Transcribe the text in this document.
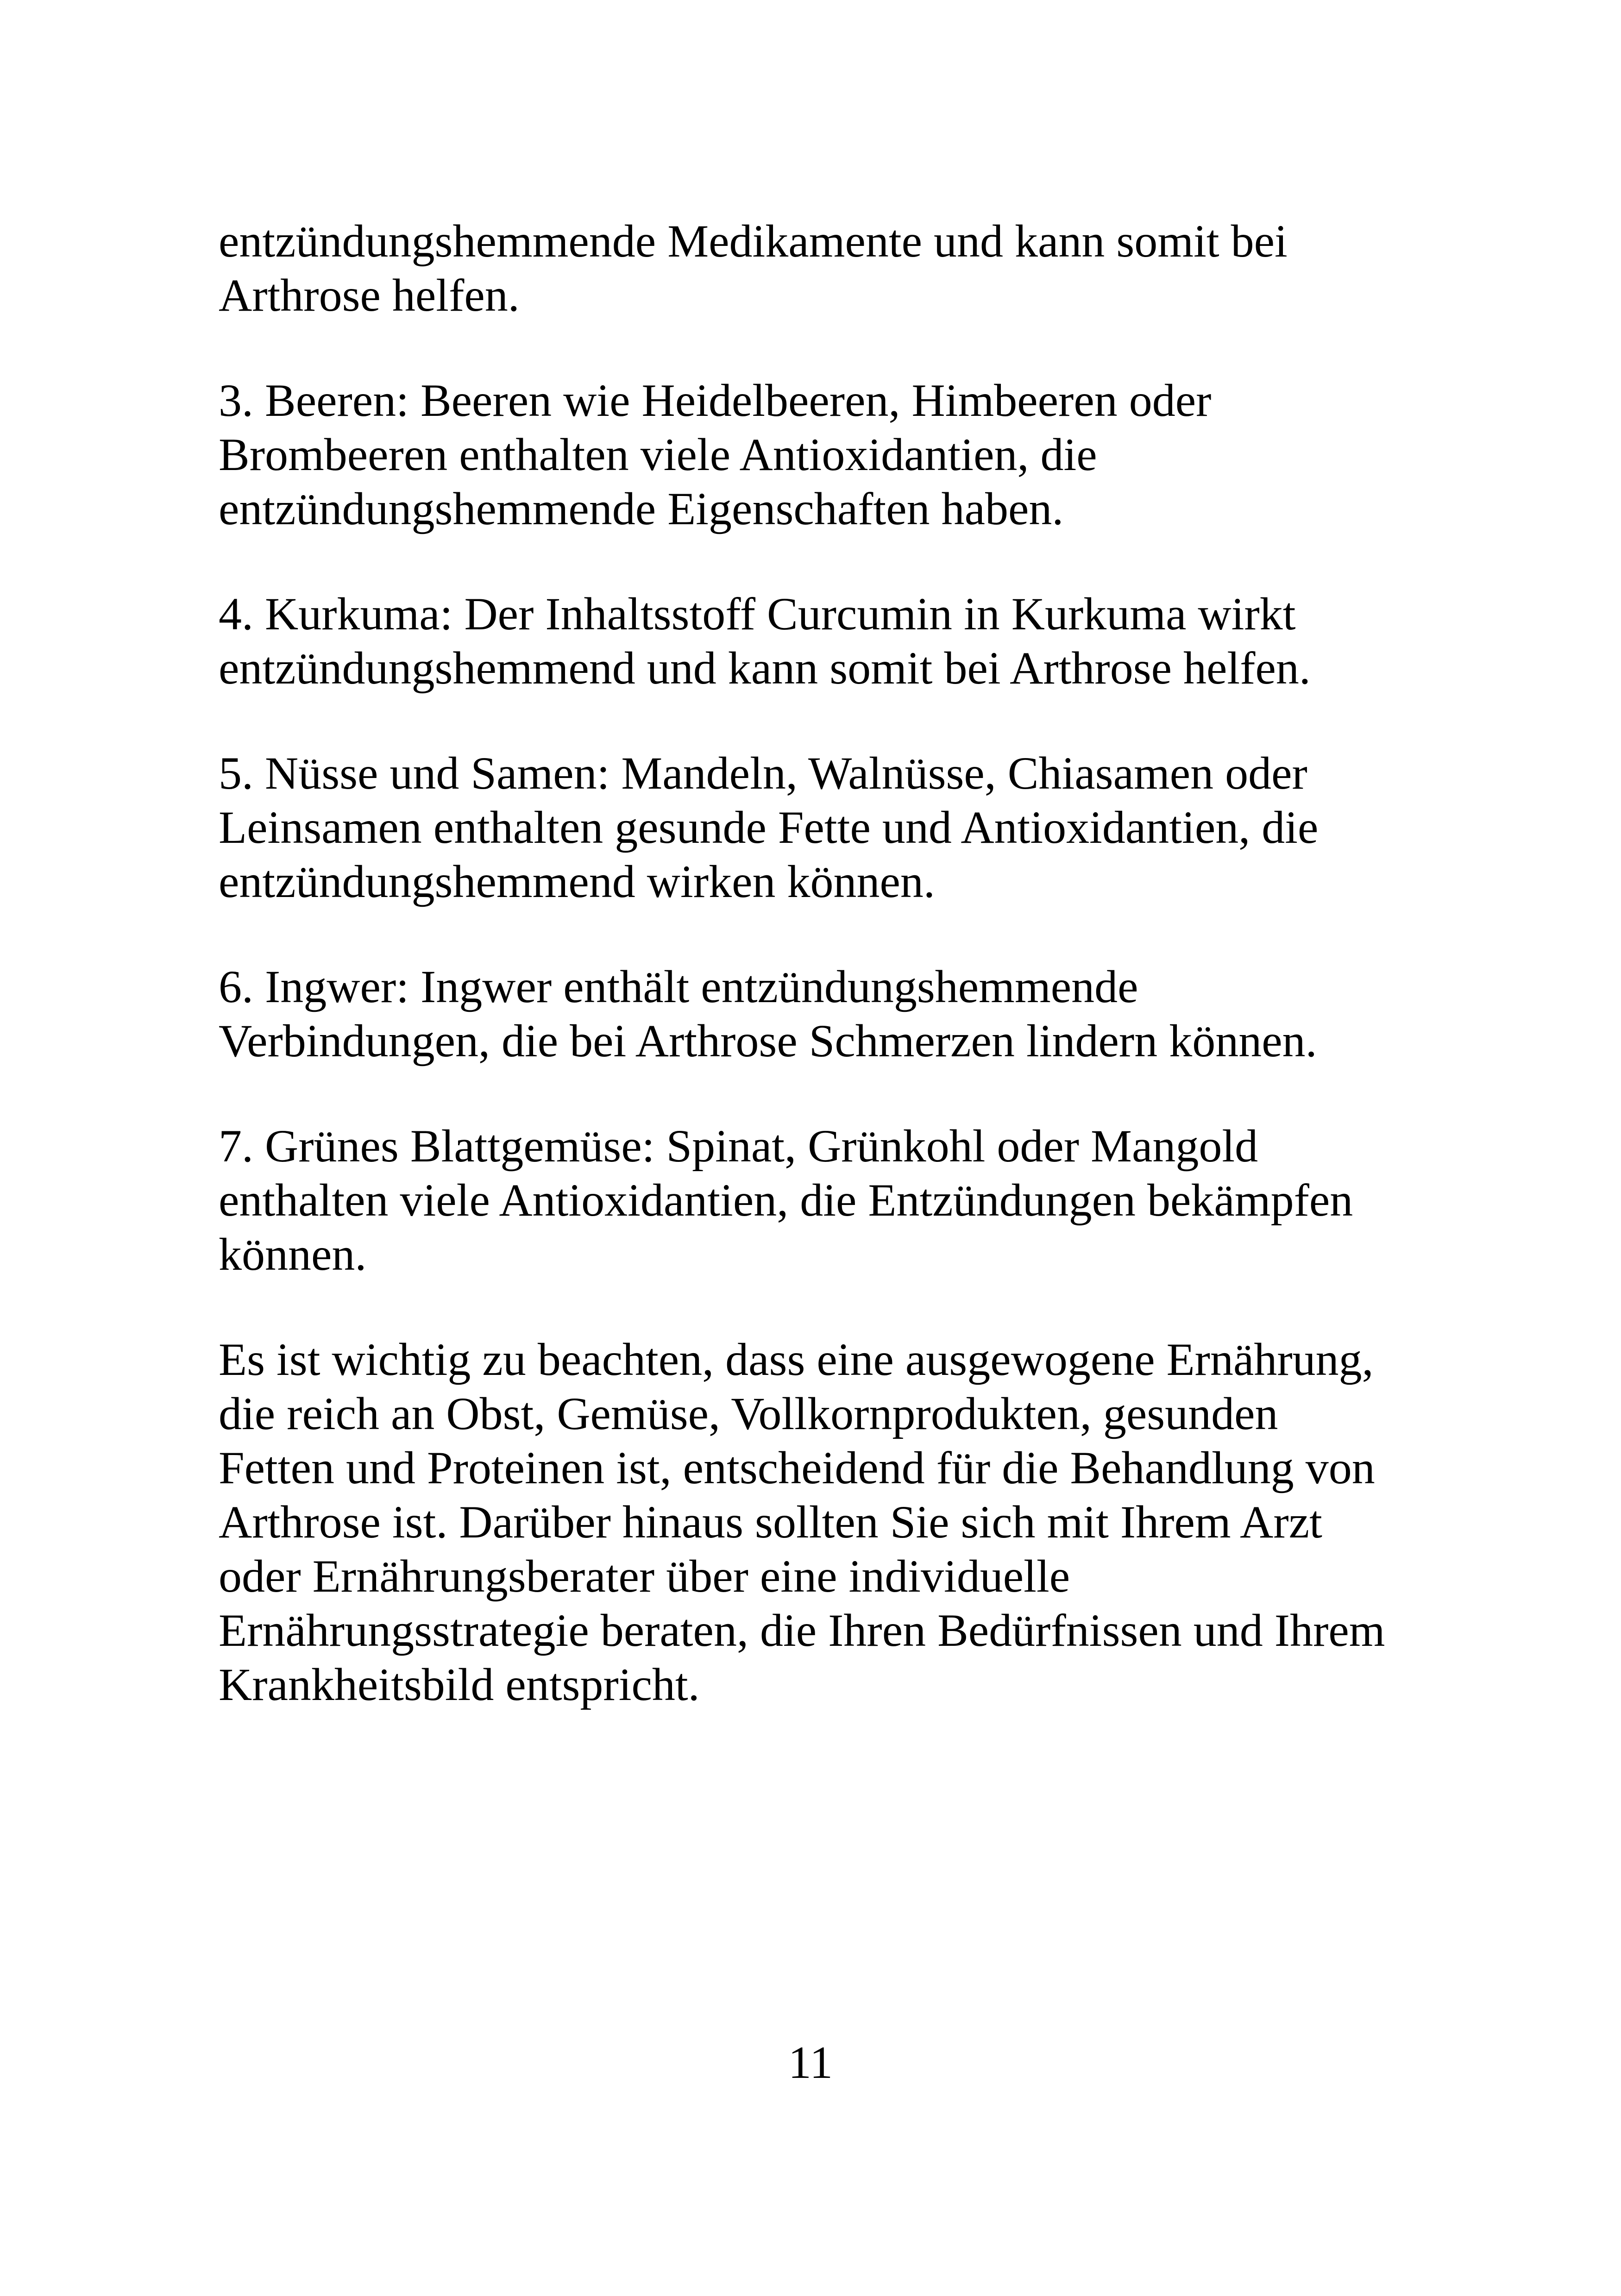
entzündungshemmende Medikamente und kann somit bei
Arthrose helfen.

3. Beeren: Beeren wie Heidelbeeren, Himbeeren oder
Brombeeren enthalten viele Antioxidantien, die
entzündungshemmende Eigenschaften haben.

4. Kurkuma: Der Inhaltsstoff Curcumin in Kurkuma wirkt
entzündungshemmend und kann somit bei Arthrose helfen.

5. Nüsse und Samen: Mandeln, Walnüsse, Chiasamen oder
Leinsamen enthalten gesunde Fette und Antioxidantien, die
entzündungshemmend wirken können.

6. Ingwer: Ingwer enthält entzündungshemmende
Verbindungen, die bei Arthrose Schmerzen lindern können.

7. Grünes Blattgemüse: Spinat, Grünkohl oder Mangold
enthalten viele Antioxidantien, die Entzündungen bekämpfen
können.

Es ist wichtig zu beachten, dass eine ausgewogene Ernährung,
die reich an Obst, Gemüse, Vollkornprodukten, gesunden
Fetten und Proteinen ist, entscheidend für die Behandlung von
Arthrose ist. Darüber hinaus sollten Sie sich mit Ihrem Arzt
oder Ernährungsberater über eine individuelle
Ernährungsstrategie beraten, die Ihren Bedürfnissen und Ihrem
Krankheitsbild entspricht.

11
